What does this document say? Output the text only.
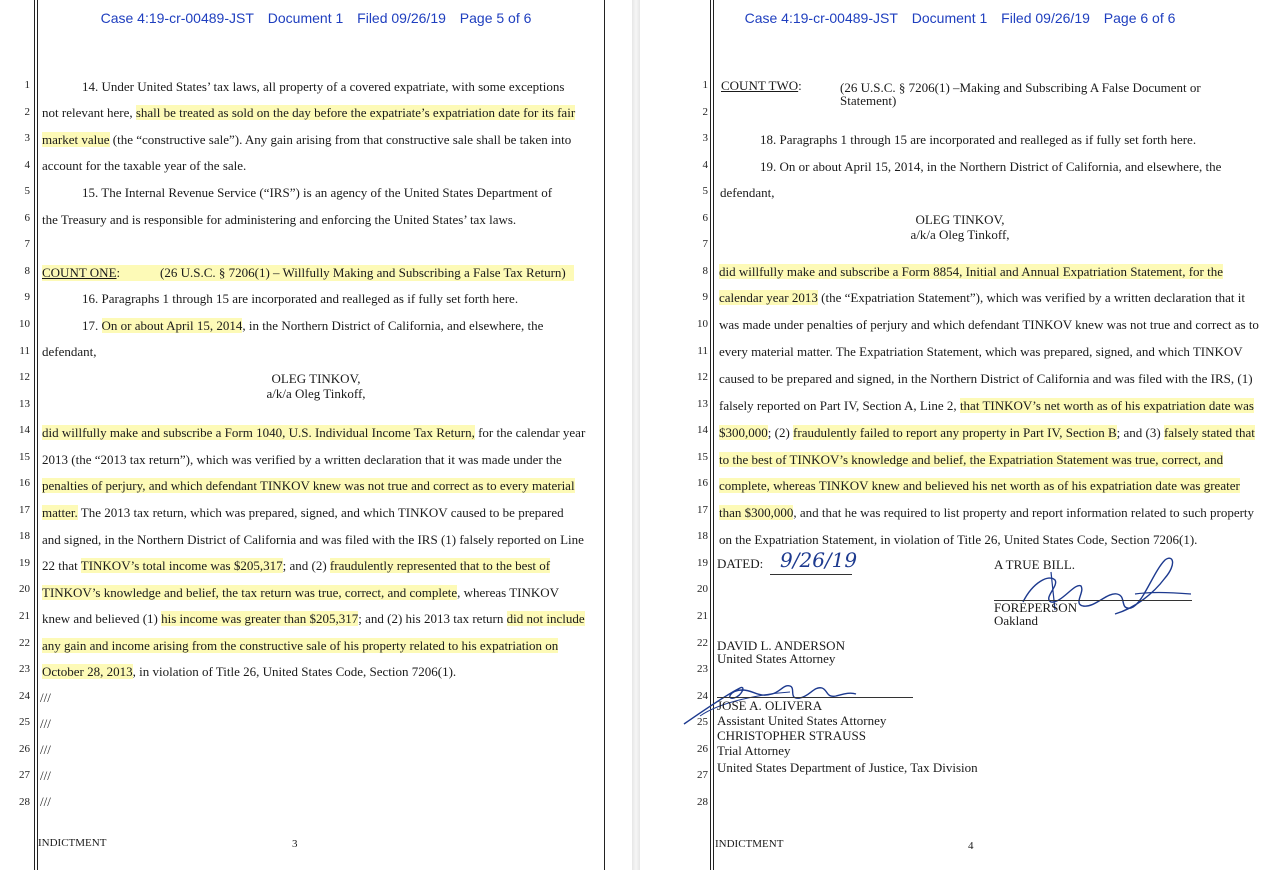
Case 4:19-cr-00489-JST Document 1 Filed 09/26/19 Page 5 of 6
1
2
3
4
5
6
7
8
9
10
11
12
13
14
15
16
17
18
19
20
21
22
23
24
25
26
27
28
14. Under United States’ tax laws, all property of a covered expatriate, with some exceptions
not relevant here, shall be treated as sold on the day before the expatriate’s expatriation date for its fair
market value (the “constructive sale”). Any gain arising from that constructive sale shall be taken into
account for the taxable year of the sale.
15. The Internal Revenue Service (“IRS”) is an agency of the United States Department of
the Treasury and is responsible for administering and enforcing the United States’ tax laws.
COUNT ONE:	(26 U.S.C. § 7206(1) – Willfully Making and Subscribing a False Tax Return)
16. Paragraphs 1 through 15 are incorporated and realleged as if fully set forth here.
17. On or about April 15, 2014, in the Northern District of California, and elsewhere, the
defendant,
OLEG TINKOV,
a/k/a Oleg Tinkoff,
did willfully make and subscribe a Form 1040, U.S. Individual Income Tax Return, for the calendar year
2013 (the “2013 tax return”), which was verified by a written declaration that it was made under the
penalties of perjury, and which defendant TINKOV knew was not true and correct as to every material
matter. The 2013 tax return, which was prepared, signed, and which TINKOV caused to be prepared
and signed, in the Northern District of California and was filed with the IRS (1) falsely reported on Line
22 that TINKOV’s total income was $205,317; and (2) fraudulently represented that to the best of
TINKOV’s knowledge and belief, the tax return was true, correct, and complete, whereas TINKOV
knew and believed (1) his income was greater than $205,317; and (2) his 2013 tax return did not include
any gain and income arising from the constructive sale of his property related to his expatriation on
October 28, 2013, in violation of Title 26, United States Code, Section 7206(1).
///
///
///
///
///
INDICTMENT	3
Case 4:19-cr-00489-JST Document 1 Filed 09/26/19 Page 6 of 6
1
2
3
4
5
6
7
8
9
10
11
12
13
14
15
16
17
18
19
20
21
22
23
24
25
26
27
28
COUNT TWO:	(26 U.S.C. § 7206(1) –Making and Subscribing A False Document or
Statement)
18. Paragraphs 1 through 15 are incorporated and realleged as if fully set forth here.
19. On or about April 15, 2014, in the Northern District of California, and elsewhere, the
defendant,
OLEG TINKOV,
a/k/a Oleg Tinkoff,
did willfully make and subscribe a Form 8854, Initial and Annual Expatriation Statement, for the
calendar year 2013 (the “Expatriation Statement”), which was verified by a written declaration that it
was made under penalties of perjury and which defendant TINKOV knew was not true and correct as to
every material matter. The Expatriation Statement, which was prepared, signed, and which TINKOV
caused to be prepared and signed, in the Northern District of California and was filed with the IRS, (1)
falsely reported on Part IV, Section A, Line 2, that TINKOV’s net worth as of his expatriation date was
$300,000; (2) fraudulently failed to report any property in Part IV, Section B; and (3) falsely stated that
to the best of TINKOV’s knowledge and belief, the Expatriation Statement was true, correct, and
complete, whereas TINKOV knew and believed his net worth as of his expatriation date was greater
than $300,000, and that he was required to list property and report information related to such property
on the Expatriation Statement, in violation of Title 26, United States Code, Section 7206(1).
DATED: 9/26/19	A TRUE BILL.
FOREPERSON
Oakland
DAVID L. ANDERSON
United States Attorney
JOSE A. OLIVERA
Assistant United States Attorney
CHRISTOPHER STRAUSS
Trial Attorney
United States Department of Justice, Tax Division
INDICTMENT	4
